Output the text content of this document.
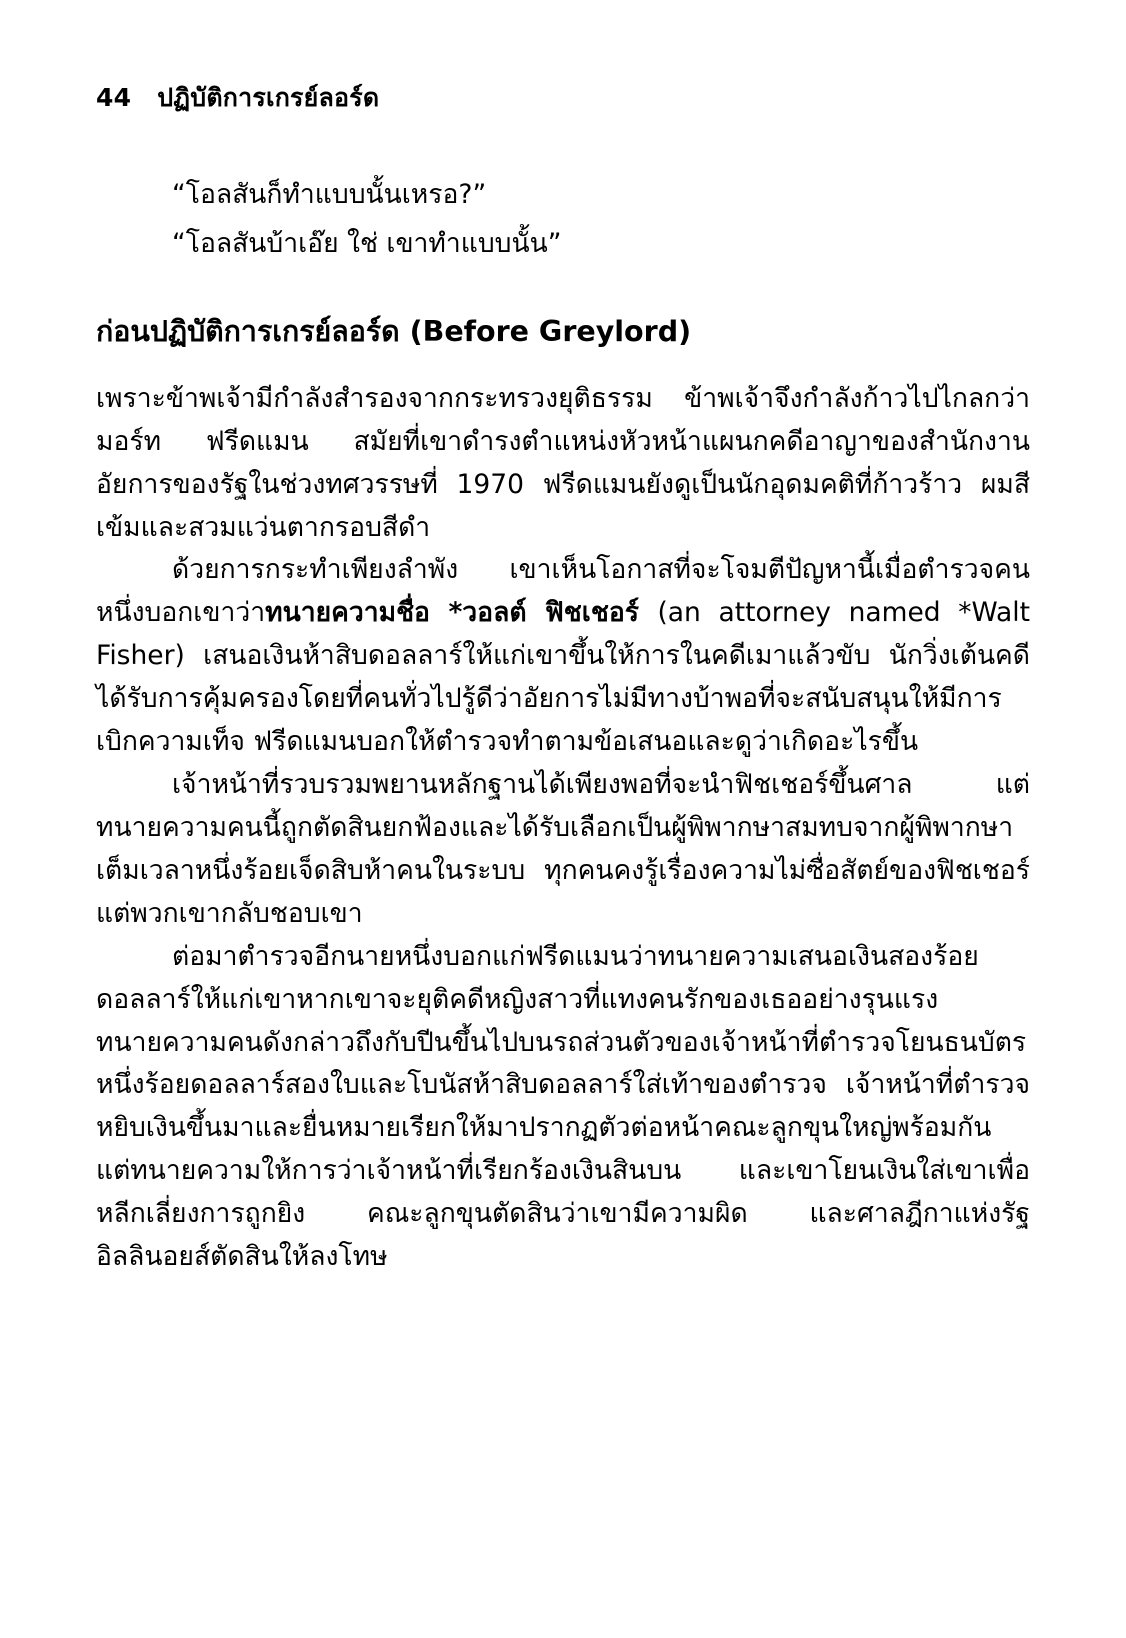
44 ปฏิบัติการเกรย์ลอร์ด
“โอลสันก็ทำแบบนั้นเหรอ?”
“โอลสันบ้าเอ๊ย ใช่ เขาทำแบบนั้น”
ก่อนปฏิบัติการเกรย์ลอร์ด (Before Greylord)

เพราะข้าพเจ้ามีกำลังสำรองจากกระทรวงยุติธรรม ข้าพเจ้าจึงกำลังก้าวไปไกลกว่ามอร์ท ฟรีดแมน สมัยที่เขาดำรงตำแหน่งหัวหน้าแผนกคดีอาญาของสำนักงานอัยการของรัฐในช่วงทศวรรษที่ 1970 ฟรีดแมนยังดูเป็นนักอุดมคติที่ก้าวร้าว ผมสีเข้มและสวมแว่นตากรอบสีดำ

ด้วยการกระทำเพียงลำพัง เขาเห็นโอกาสที่จะโจมตีปัญหานี้เมื่อตำรวจคนหนึ่งบอกเขาว่าทนายความชื่อ *วอลต์ ฟิชเชอร์ (an attorney named *Walt Fisher) เสนอเงินห้าสิบดอลลาร์ให้แก่เขาขึ้นให้การในคดีเมาแล้วขับ นักวิ่งเต้นคดีได้รับการคุ้มครองโดยที่คนทั่วไปรู้ดีว่าอัยการไม่มีทางบ้าพอที่จะสนับสนุนให้มีการเบิกความเท็จ ฟรีดแมนบอกให้ตำรวจทำตามข้อเสนอและดูว่าเกิดอะไรขึ้น

เจ้าหน้าที่รวบรวมพยานหลักฐานได้เพียงพอที่จะนำฟิชเชอร์ขึ้นศาล แต่ทนายความคนนี้ถูกตัดสินยกฟ้องและได้รับเลือกเป็นผู้พิพากษาสมทบจากผู้พิพากษาเต็มเวลาหนึ่งร้อยเจ็ดสิบห้าคนในระบบ ทุกคนคงรู้เรื่องความไม่ซื่อสัตย์ของฟิชเชอร์ แต่พวกเขากลับชอบเขา

ต่อมาตำรวจอีกนายหนึ่งบอกแก่ฟรีดแมนว่าทนายความเสนอเงินสองร้อยดอลลาร์ให้แก่เขาหากเขาจะยุติคดีหญิงสาวที่แทงคนรักของเธออย่างรุนแรง ทนายความคนดังกล่าวถึงกับปีนขึ้นไปบนรถส่วนตัวของเจ้าหน้าที่ตำรวจโยนธนบัตรหนึ่งร้อยดอลลาร์สองใบและโบนัสห้าสิบดอลลาร์ใส่เท้าของตำรวจ เจ้าหน้าที่ตำรวจหยิบเงินขึ้นมาและยื่นหมายเรียกให้มาปรากฏตัวต่อหน้าคณะลูกขุนใหญ่พร้อมกัน แต่ทนายความให้การว่าเจ้าหน้าที่เรียกร้องเงินสินบน และเขาโยนเงินใส่เขาเพื่อหลีกเลี่ยงการถูกยิง คณะลูกขุนตัดสินว่าเขามีความผิด และศาลฎีกาแห่งรัฐอิลลินอยส์ตัดสินให้ลงโทษ
